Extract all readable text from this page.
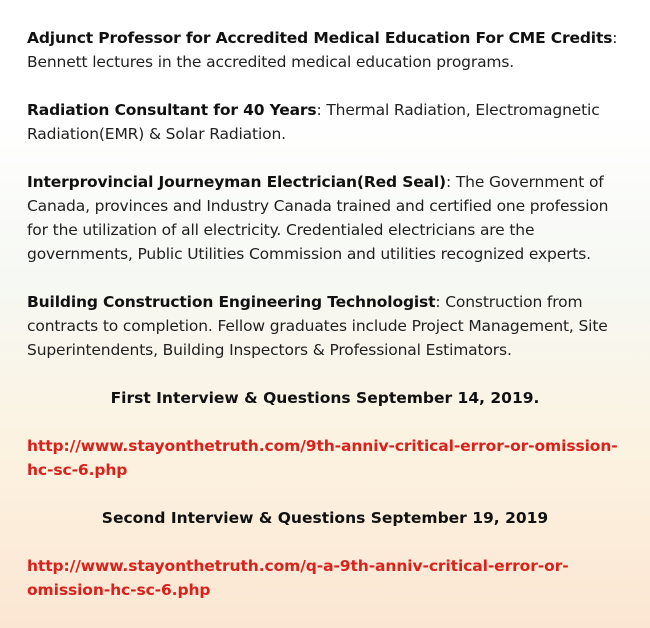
Adjunct Professor for Accredited Medical Education For CME Credits: Bennett lectures in the accredited medical education programs.

Radiation Consultant for 40 Years: Thermal Radiation, Electromagnetic Radiation(EMR) & Solar Radiation.

Interprovincial Journeyman Electrician(Red Seal): The Government of Canada, provinces and Industry Canada trained and certified one profession for the utilization of all electricity. Credentialed electricians are the governments, Public Utilities Commission and utilities recognized experts.

Building Construction Engineering Technologist: Construction from contracts to completion. Fellow graduates include Project Management, Site Superintendents, Building Inspectors & Professional Estimators.

First Interview & Questions September 14, 2019.
http://www.stayonthetruth.com/9th-anniv-critical-error-or-omission-hc-sc-6.php
Second Interview & Questions September 19, 2019
http://www.stayonthetruth.com/q-a-9th-anniv-critical-error-or-omission-hc-sc-6.php
